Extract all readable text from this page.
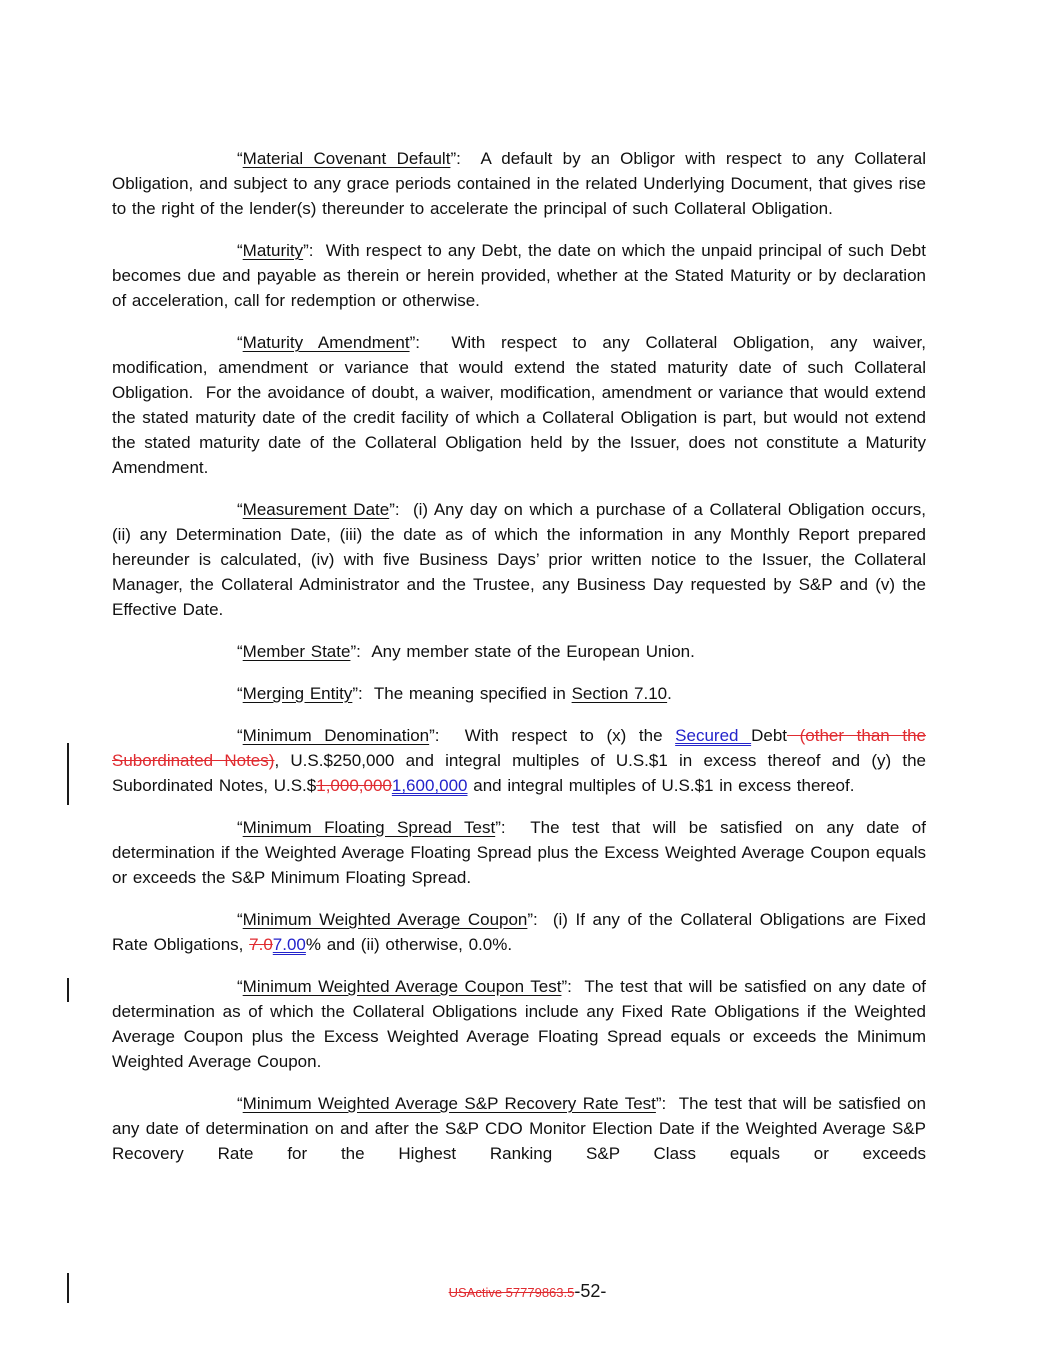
“Material Covenant Default”:  A default by an Obligor with respect to any Collateral Obligation, and subject to any grace periods contained in the related Underlying Document, that gives rise to the right of the lender(s) thereunder to accelerate the principal of such Collateral Obligation.

“Maturity”:  With respect to any Debt, the date on which the unpaid principal of such Debt becomes due and payable as therein or herein provided, whether at the Stated Maturity or by declaration of acceleration, call for redemption or otherwise.

“Maturity Amendment”:  With respect to any Collateral Obligation, any waiver, modification, amendment or variance that would extend the stated maturity date of such Collateral Obligation.  For the avoidance of doubt, a waiver, modification, amendment or variance that would extend the stated maturity date of the credit facility of which a Collateral Obligation is part, but would not extend the stated maturity date of the Collateral Obligation held by the Issuer, does not constitute a Maturity Amendment.

“Measurement Date”:  (i) Any day on which a purchase of a Collateral Obligation occurs, (ii) any Determination Date, (iii) the date as of which the information in any Monthly Report prepared hereunder is calculated, (iv) with five Business Days’ prior written notice to the Issuer, the Collateral Manager, the Collateral Administrator and the Trustee, any Business Day requested by S&P and (v) the Effective Date.

“Member State”:  Any member state of the European Union.

“Merging Entity”:  The meaning specified in Section 7.10.

“Minimum Denomination”:  With respect to (x) the Secured Debt (other than the Subordinated Notes), U.S.$250,000 and integral multiples of U.S.$1 in excess thereof and (y) the Subordinated Notes, U.S.$1,000,0001,600,000 and integral multiples of U.S.$1 in excess thereof.

“Minimum Floating Spread Test”:  The test that will be satisfied on any date of determination if the Weighted Average Floating Spread plus the Excess Weighted Average Coupon equals or exceeds the S&P Minimum Floating Spread.

“Minimum Weighted Average Coupon”:  (i) If any of the Collateral Obligations are Fixed Rate Obligations, 7.07.00% and (ii) otherwise, 0.0%.

“Minimum Weighted Average Coupon Test”:  The test that will be satisfied on any date of determination as of which the Collateral Obligations include any Fixed Rate Obligations if the Weighted Average Coupon plus the Excess Weighted Average Floating Spread equals or exceeds the Minimum Weighted Average Coupon.

“Minimum Weighted Average S&P Recovery Rate Test”:  The test that will be satisfied on any date of determination on and after the S&P CDO Monitor Election Date if the Weighted Average S&P Recovery Rate for the Highest Ranking S&P Class equals or exceeds

USActive 57779863.5-52-
